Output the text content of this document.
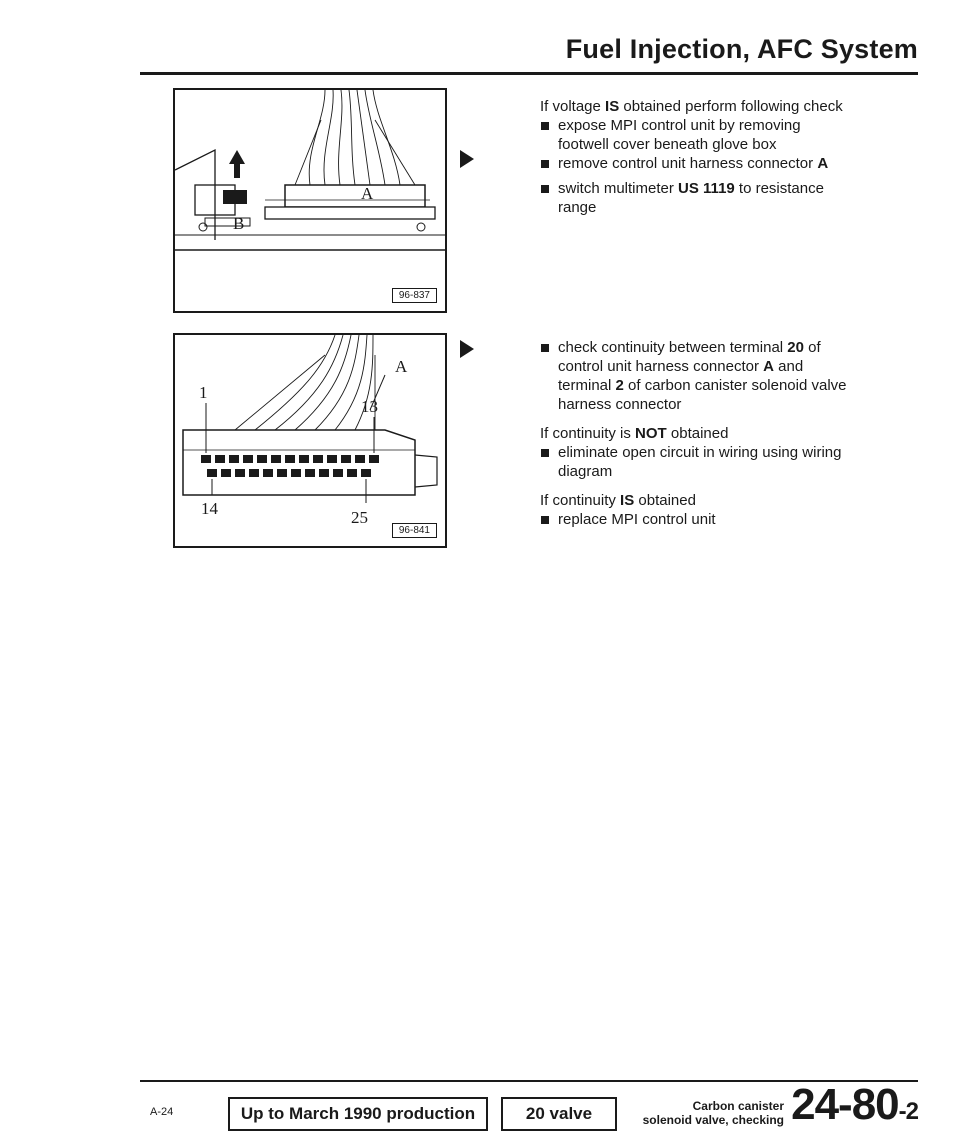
Fuel Injection, AFC System
A
B
96-837
1
A
13
14	25
96-841

If voltage IS obtained perform following check

expose MPI control unit by removing
footwell cover beneath glove box
remove control unit harness connector A
switch multimeter US 1119 to resistance
range
check continuity between terminal 20 of
control unit harness connector A and
terminal 2 of carbon canister solenoid valve
harness connector

If continuity is NOT obtained

eliminate open circuit in wiring using wiring
diagram

If continuity IS obtained

replace MPI control unit
A-24	Up to March 1990 production	20 valve	Carbon canister
solenoid valve, checking 24-80-2
